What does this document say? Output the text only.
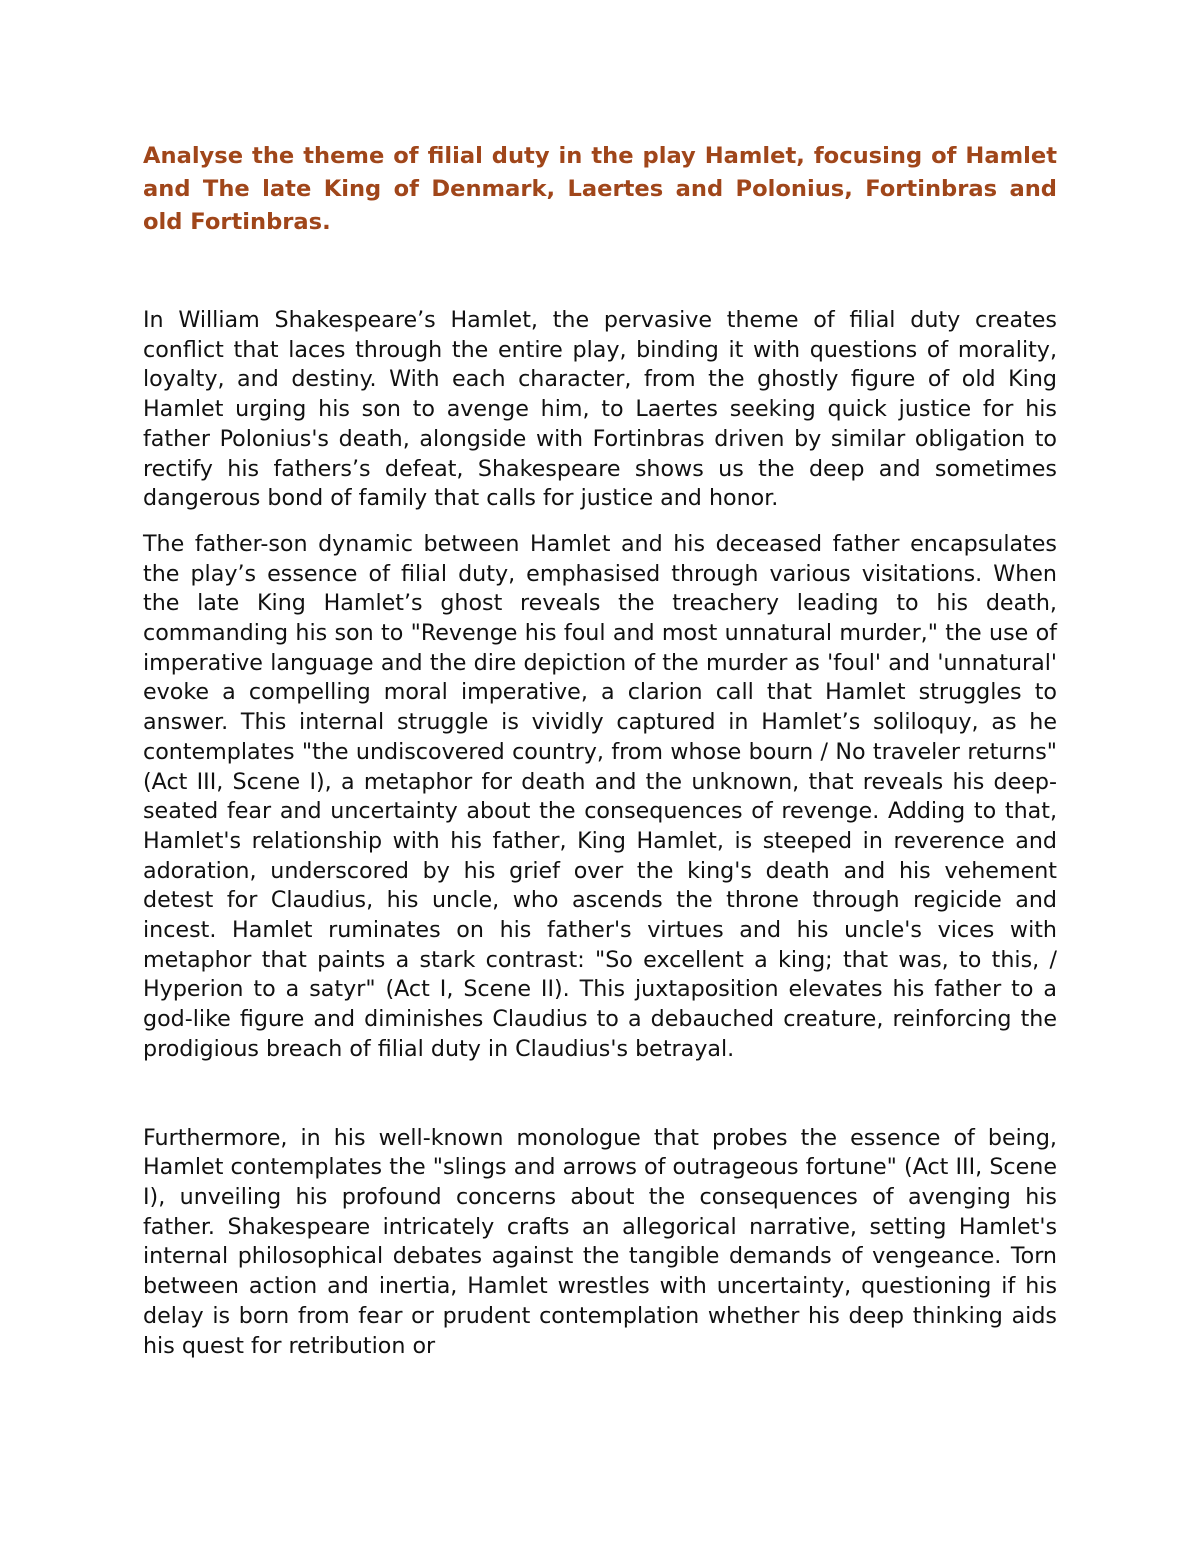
Analyse the theme of filial duty in the play Hamlet, focusing of Hamlet and The late King of Denmark, Laertes and Polonius, Fortinbras and old Fortinbras.

In William Shakespeare’s Hamlet, the pervasive theme of filial duty creates conflict that laces through the entire play, binding it with questions of morality, loyalty, and destiny. With each character, from the ghostly figure of old King Hamlet urging his son to avenge him, to Laertes seeking quick justice for his father Polonius's death, alongside with Fortinbras driven by similar obligation to rectify his fathers’s defeat, Shakespeare shows us the deep and sometimes dangerous bond of family that calls for justice and honor.

The father-son dynamic between Hamlet and his deceased father encapsulates the play’s essence of filial duty, emphasised through various visitations. When the late King Hamlet’s ghost reveals the treachery leading to his death, commanding his son to "Revenge his foul and most unnatural murder," the use of imperative language and the dire depiction of the murder as 'foul' and 'unnatural' evoke a compelling moral imperative, a clarion call that Hamlet struggles to answer. This internal struggle is vividly captured in Hamlet’s soliloquy, as he contemplates "the undiscovered country, from whose bourn / No traveler returns" (Act III, Scene I), a metaphor for death and the unknown, that reveals his deep-seated fear and uncertainty about the consequences of revenge. Adding to that, Hamlet's relationship with his father, King Hamlet, is steeped in reverence and adoration, underscored by his grief over the king's death and his vehement detest for Claudius, his uncle, who ascends the throne through regicide and incest. Hamlet ruminates on his father's virtues and his uncle's vices with metaphor that paints a stark contrast: "So excellent a king; that was, to this, / Hyperion to a satyr" (Act I, Scene II). This juxtaposition elevates his father to a god-like figure and diminishes Claudius to a debauched creature, reinforcing the prodigious breach of filial duty in Claudius's betrayal.

Furthermore, in his well-known monologue that probes the essence of being, Hamlet contemplates the "slings and arrows of outrageous fortune" (Act III, Scene I), unveiling his profound concerns about the consequences of avenging his father. Shakespeare intricately crafts an allegorical narrative, setting Hamlet's internal philosophical debates against the tangible demands of vengeance. Torn between action and inertia, Hamlet wrestles with uncertainty, questioning if his delay is born from fear or prudent contemplation whether his deep thinking aids his quest for retribution or
